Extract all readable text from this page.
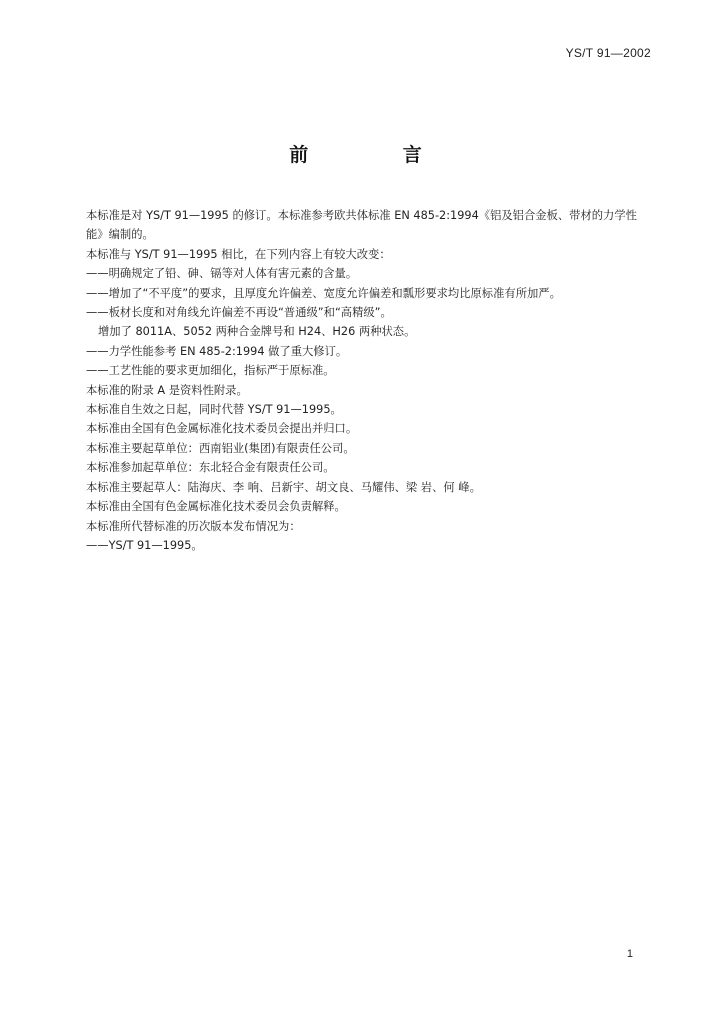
YS/T 91—2002
前 言

本标准是对 YS/T 91—1995 的修订。本标准参考欧共体标准 EN 485-2:1994《铝及铝合金板、带材的力学性能》编制的。

本标准与 YS/T 91—1995 相比，在下列内容上有较大改变：

——明确规定了铅、砷、镉等对人体有害元素的含量。

——增加了“不平度”的要求，且厚度允许偏差、宽度允许偏差和瓢形要求均比原标准有所加严。

——板材长度和对角线允许偏差不再设“普通级”和“高精级”。

增加了 8011A、5052 两种合金牌号和 H24、H26 两种状态。

——力学性能参考 EN 485-2:1994 做了重大修订。

——工艺性能的要求更加细化，指标严于原标准。

本标准的附录 A 是资料性附录。

本标准自生效之日起，同时代替 YS/T 91—1995。

本标准由全国有色金属标准化技术委员会提出并归口。

本标准主要起草单位：西南铝业(集团)有限责任公司。

本标准参加起草单位：东北轻合金有限责任公司。

本标准主要起草人：陆海庆、李 响、吕新宇、胡文良、马耀伟、梁 岩、何 峰。

本标准由全国有色金属标准化技术委员会负责解释。

本标准所代替标准的历次版本发布情况为：

——YS/T 91—1995。

1
